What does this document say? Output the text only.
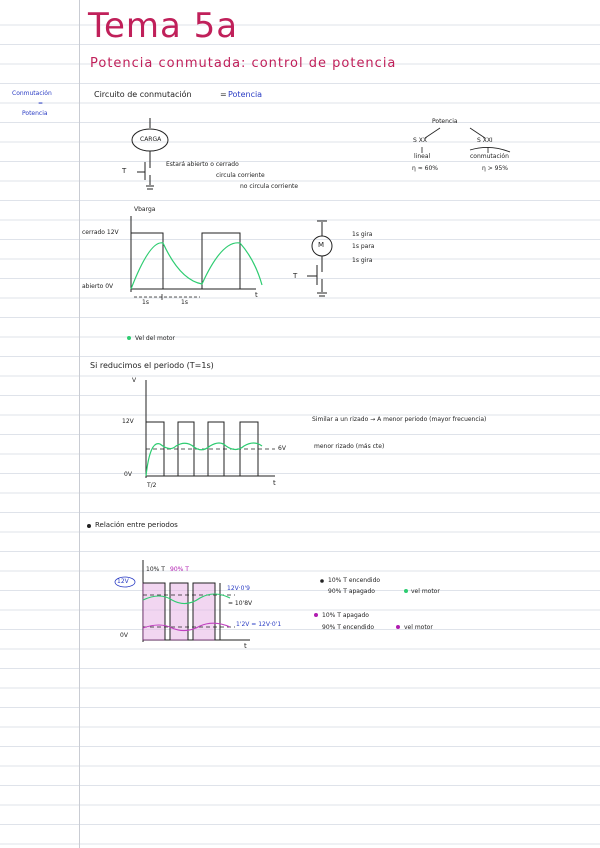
Tema 5a
Potencia conmutada: control de potencia
Conmutación
=
Potencia
Circuito de conmutación	= Potencia
CARGA
T
Estará abierto o cerrado
circula corriente
no circula corriente
Potencia
S XX	S XXI
lineal
η ≈ 60%
conmutación
η > 95%
Vbarga
cerrado 12V
abierto 0V
t
1s	1s
Vel del motor
M
T
1s gira
1s para
1s gira
Si reducimos el periodo (T=1s)
V
12V
0V
6V
t
T/2
Similar a un rizado → A menor periodo (mayor frecuencia)
menor rizado (más cte)
Relación entre periodos
12V
0V
10% T 90% T
12V·0'9
= 10'8V
1'2V = 12V·0'1
t
10% T encendido
90% T apagado	vel motor
10% T apagado
90% T encendido	vel motor
